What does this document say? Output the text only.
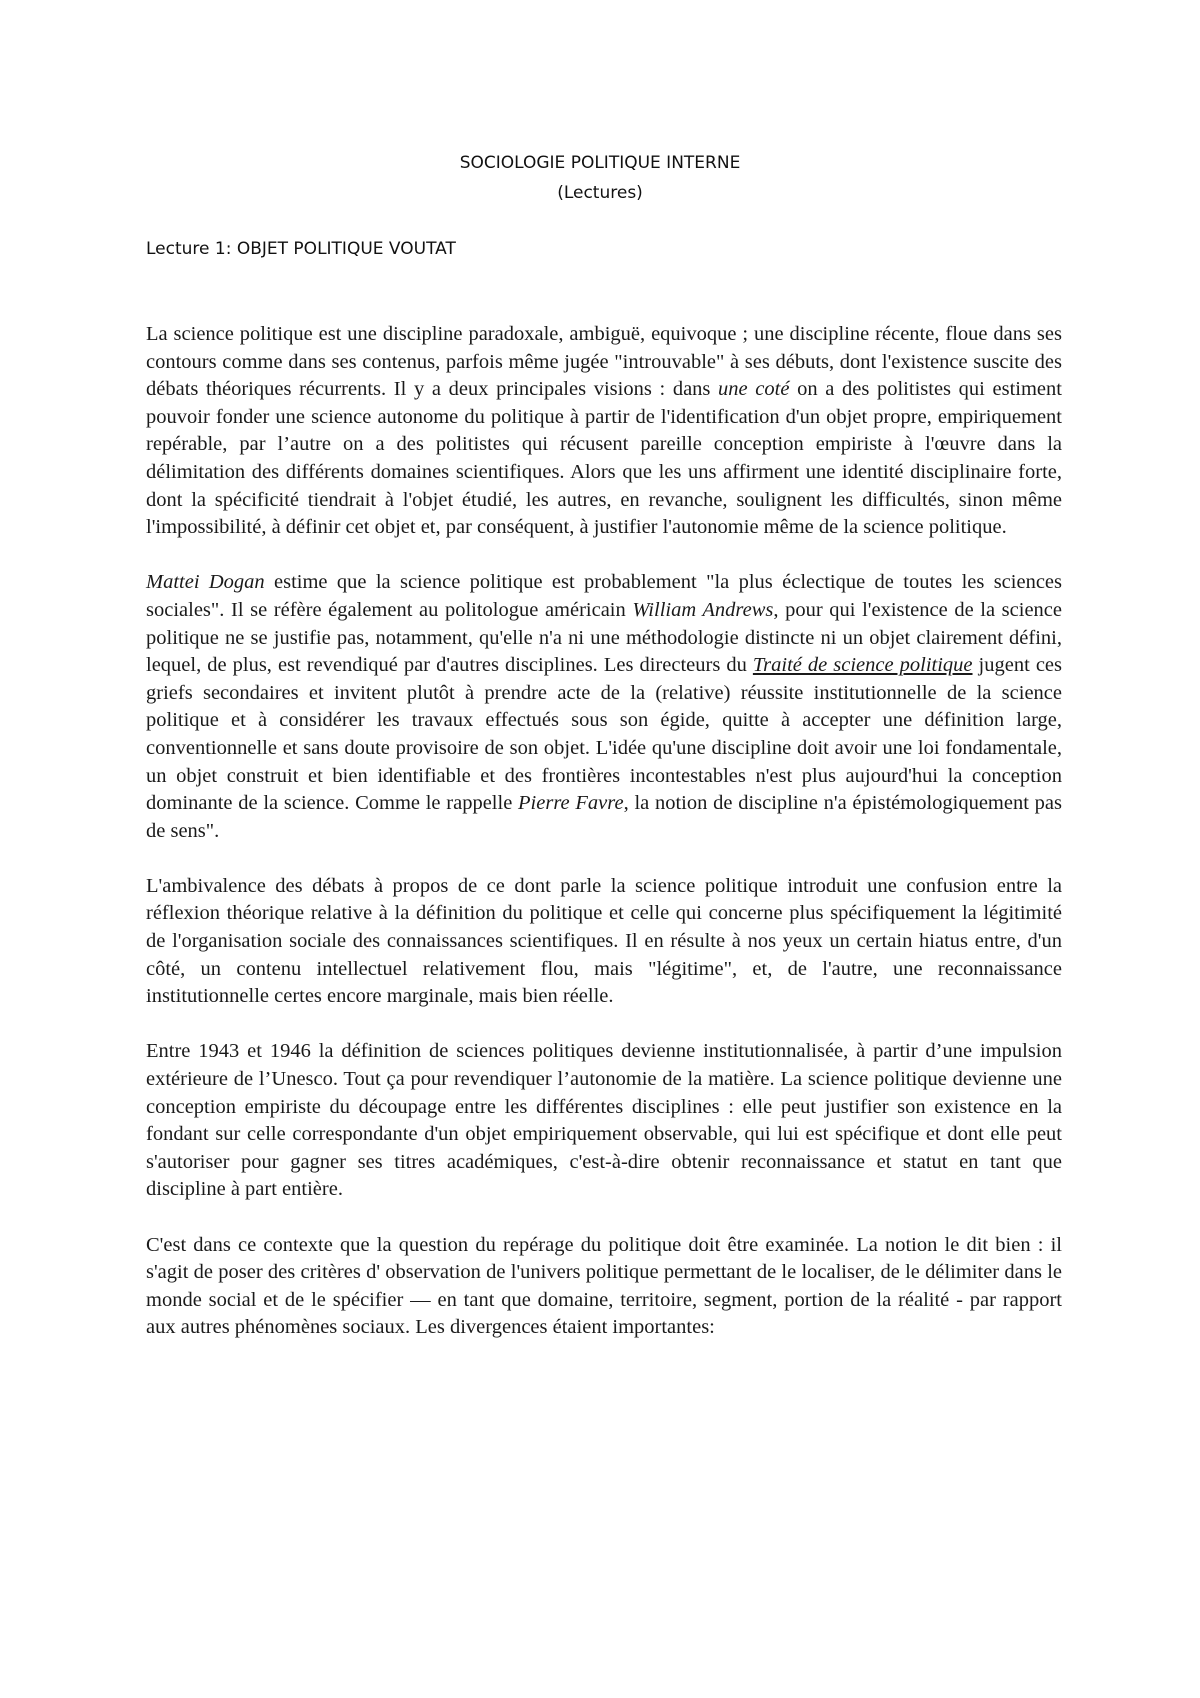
SOCIOLOGIE POLITIQUE INTERNE
(Lectures)
Lecture 1: OBJET POLITIQUE VOUTAT

La science politique est une discipline paradoxale, ambiguë, equivoque ; une discipline récente, floue dans ses contours comme dans ses contenus, parfois même jugée "introuvable" à ses débuts, dont l'existence suscite des débats théoriques récurrents. Il y a deux principales visions : dans une coté on a des politistes qui estiment pouvoir fonder une science autonome du politique à partir de l'identification d'un objet propre, empiriquement repérable, par l’autre on a des politistes qui récusent pareille conception empiriste à l'œuvre dans la délimitation des différents domaines scientifiques. Alors que les uns affirment une identité disciplinaire forte, dont la spécificité tiendrait à l'objet étudié, les autres, en revanche, soulignent les difficultés, sinon même l'impossibilité, à définir cet objet et, par conséquent, à justifier l'autonomie même de la science politique.

Mattei Dogan estime que la science politique est probablement "la plus éclectique de toutes les sciences sociales". Il se réfère également au politologue américain William Andrews, pour qui l'existence de la science politique ne se justifie pas, notamment, qu'elle n'a ni une méthodologie distincte ni un objet clairement défini, lequel, de plus, est revendiqué par d'autres disciplines. Les directeurs du Traité de science politique jugent ces griefs secondaires et invitent plutôt à prendre acte de la (relative) réussite institutionnelle de la science politique et à considérer les travaux effectués sous son égide, quitte à accepter une définition large, conventionnelle et sans doute provisoire de son objet. L'idée qu'une discipline doit avoir une loi fondamentale, un objet construit et bien identifiable et des frontières incontestables n'est plus aujourd'hui la conception dominante de la science. Comme le rappelle Pierre Favre, la notion de discipline n'a épistémologiquement pas de sens".

L'ambivalence des débats à propos de ce dont parle la science politique introduit une confusion entre la réflexion théorique relative à la définition du politique et celle qui concerne plus spécifiquement la légitimité de l'organisation sociale des connaissances scientifiques. Il en résulte à nos yeux un certain hiatus entre, d'un côté, un contenu intellectuel relativement flou, mais "légitime", et, de l'autre, une reconnaissance institutionnelle certes encore marginale, mais bien réelle.

Entre 1943 et 1946 la définition de sciences politiques devienne institutionnalisée, à partir d’une impulsion extérieure de l’Unesco. Tout ça pour revendiquer l’autonomie de la matière. La science politique devienne une conception empiriste du découpage entre les différentes disciplines : elle peut justifier son existence en la fondant sur celle correspondante d'un objet empiriquement observable, qui lui est spécifique et dont elle peut s'autoriser pour gagner ses titres académiques, c'est-à-dire obtenir reconnaissance et statut en tant que discipline à part entière.

C'est dans ce contexte que la question du repérage du politique doit être examinée. La notion le dit bien : il s'agit de poser des critères d' observation de l'univers politique permettant de le localiser, de le délimiter dans le monde social et de le spécifier — en tant que domaine, territoire, segment, portion de la réalité - par rapport aux autres phénomènes sociaux. Les divergences étaient importantes:
